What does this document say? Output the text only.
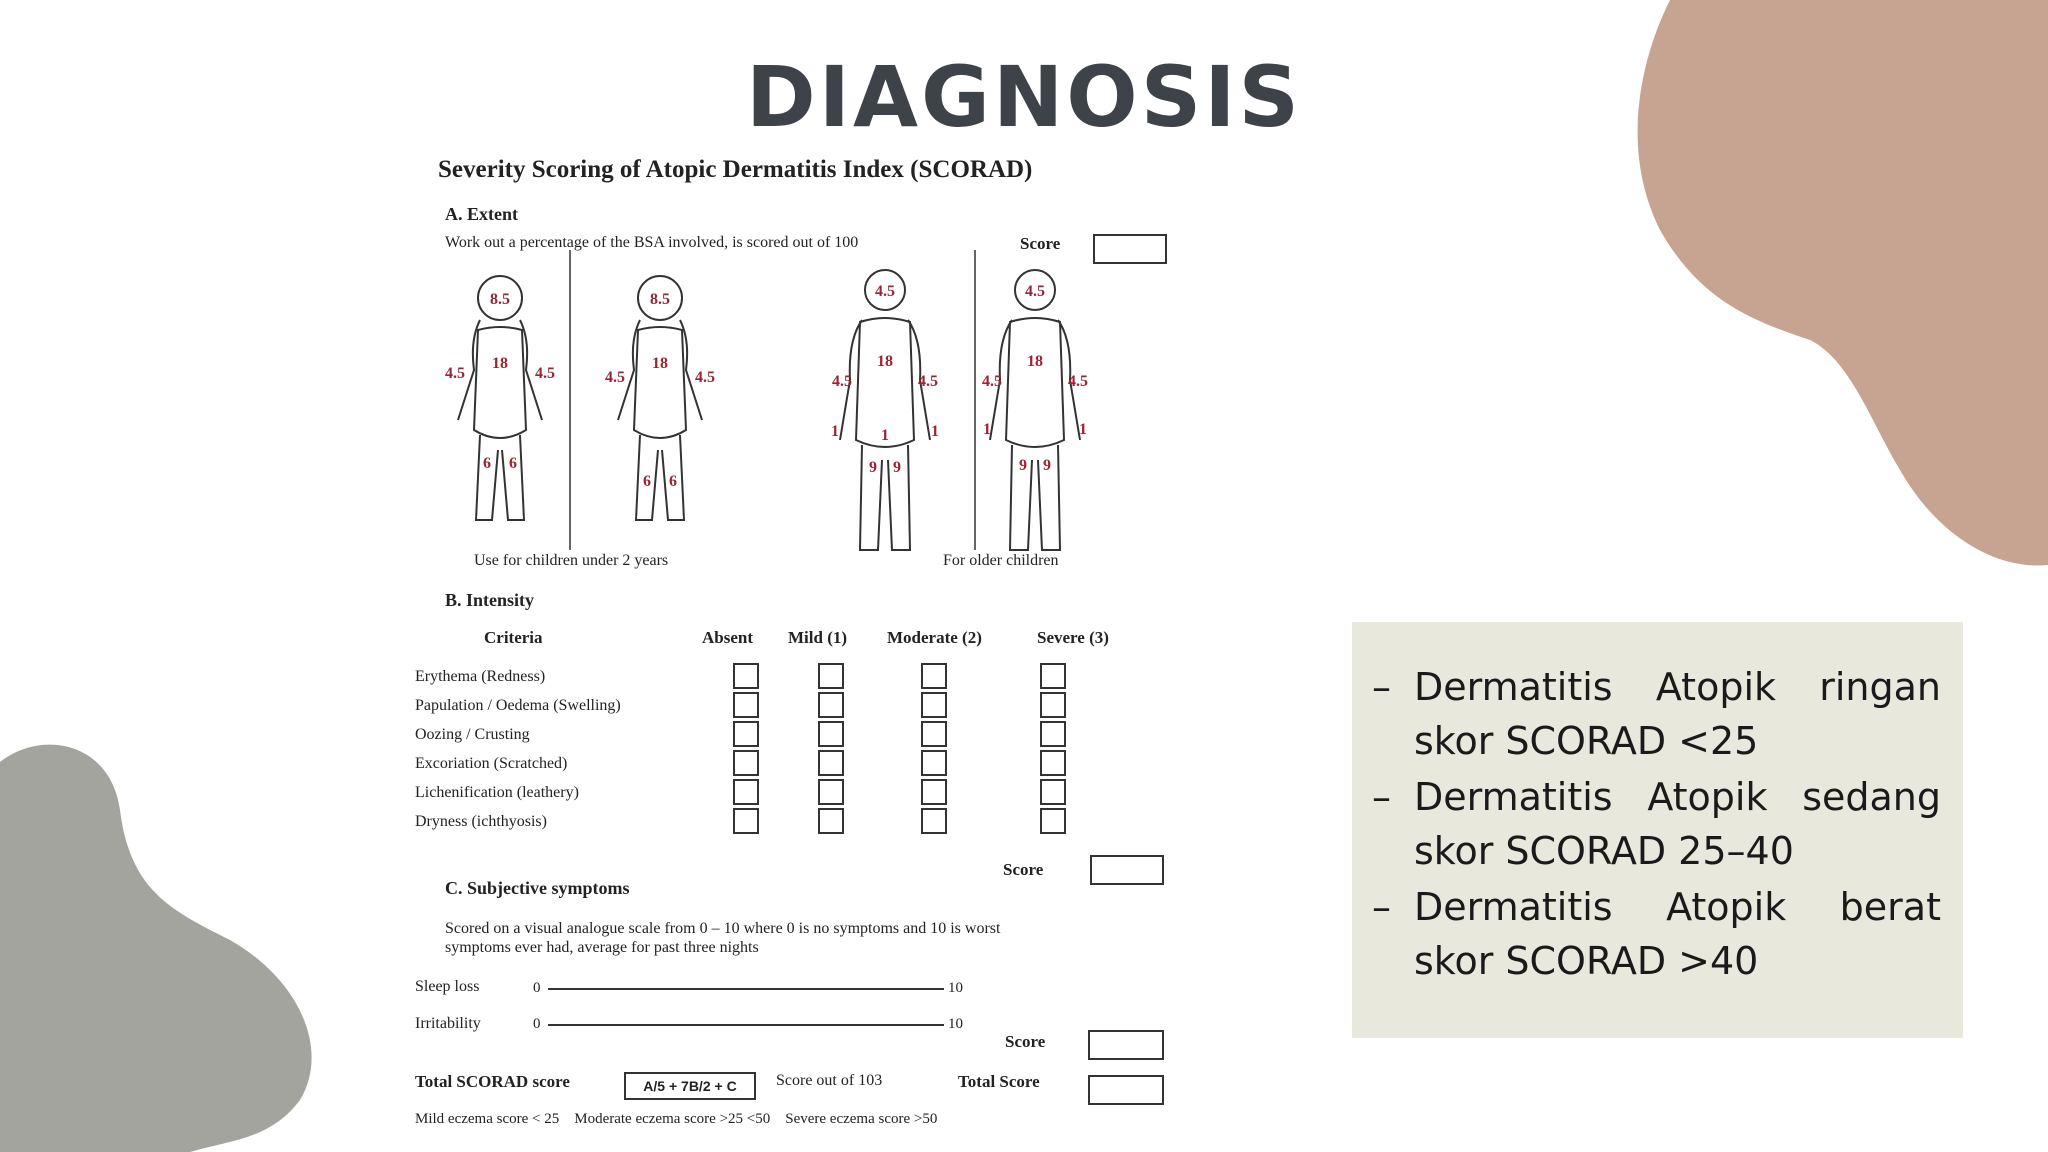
DIAGNOSIS
Severity Scoring of Atopic Dermatitis Index (SCORAD)
A. Extent
Work out a percentage of the BSA involved, is scored out of 100	Score
8.5
18
4.5	4.5
6 6
8.5
18
4.5	4.5
6 6
4.5
18
4.5	4.5
1	1	1
9 9
4.5
18
4.5	4.5
1	1
9 9
Use for children under 2 years	For older children
B. Intensity
Criteria	Absent Mild (1) Moderate (2)	Severe (3)
Erythema (Redness)
Papulation / Oedema (Swelling)
Oozing / Crusting
Excoriation (Scratched)
Lichenification (leathery)
Dryness (ichthyosis)
Score
C. Subjective symptoms
Scored on a visual analogue scale from 0 – 10 where 0 is no symptoms and 10 is worst
symptoms ever had, average for past three nights
Sleep loss	0	10
Irritability	0	10
Score
Total SCORAD score	A/5 + 7B/2 + C	Score out of 103	Total Score
Mild eczema score < 25    Moderate eczema score >25 <50    Severe eczema score >50
– Dermatitis Atopik ringan
skor SCORAD <25
– Dermatitis Atopik sedang
skor SCORAD 25–40
– Dermatitis Atopik berat
skor SCORAD >40
